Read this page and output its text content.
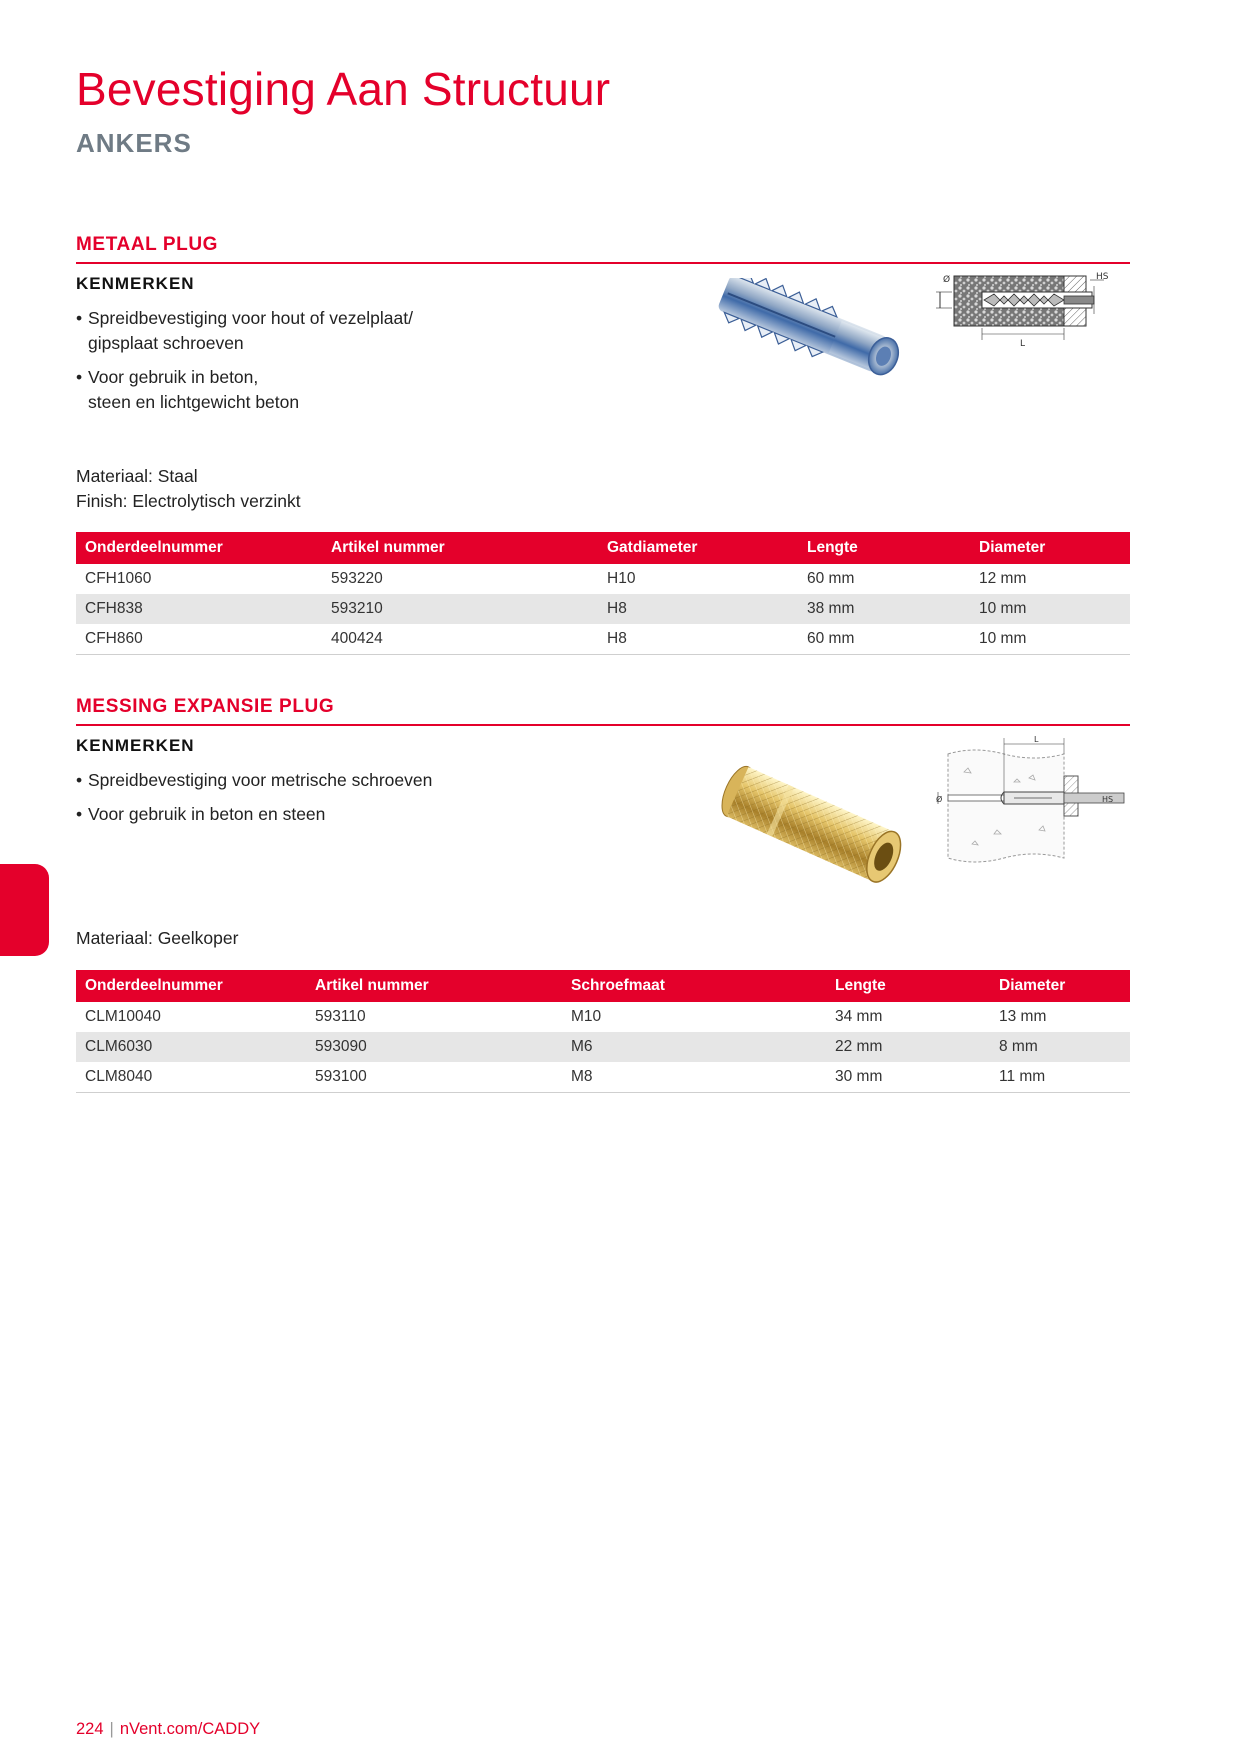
Bevestiging Aan Structuur
ANKERS
METAAL PLUG
KENMERKEN
• Spreidbevestiging voor hout of vezelplaat/
gipsplaat schroeven
• Voor gebruik in beton,
steen en lichtgewicht beton
Ø	HS
L
Materiaal: Staal
Finish: Electrolytisch verzinkt
Onderdeelnummer	Artikel nummer	Gatdiameter	Lengte	Diameter
CFH1060	593220	H10	60 mm	12 mm
CFH838	593210	H8	38 mm	10 mm
CFH860	400424	H8	60 mm	10 mm
MESSING EXPANSIE PLUG
KENMERKEN
• Spreidbevestiging voor metrische schroeven
• Voor gebruik in beton en steen
Ø	HS
L
Materiaal: Geelkoper
Onderdeelnummer	Artikel nummer	Schroefmaat	Lengte	Diameter
CLM10040	593110	M10	34 mm	13 mm
CLM6030	593090	M6	22 mm	8 mm
CLM8040	593100	M8	30 mm	11 mm
224 | nVent.com/CADDY
